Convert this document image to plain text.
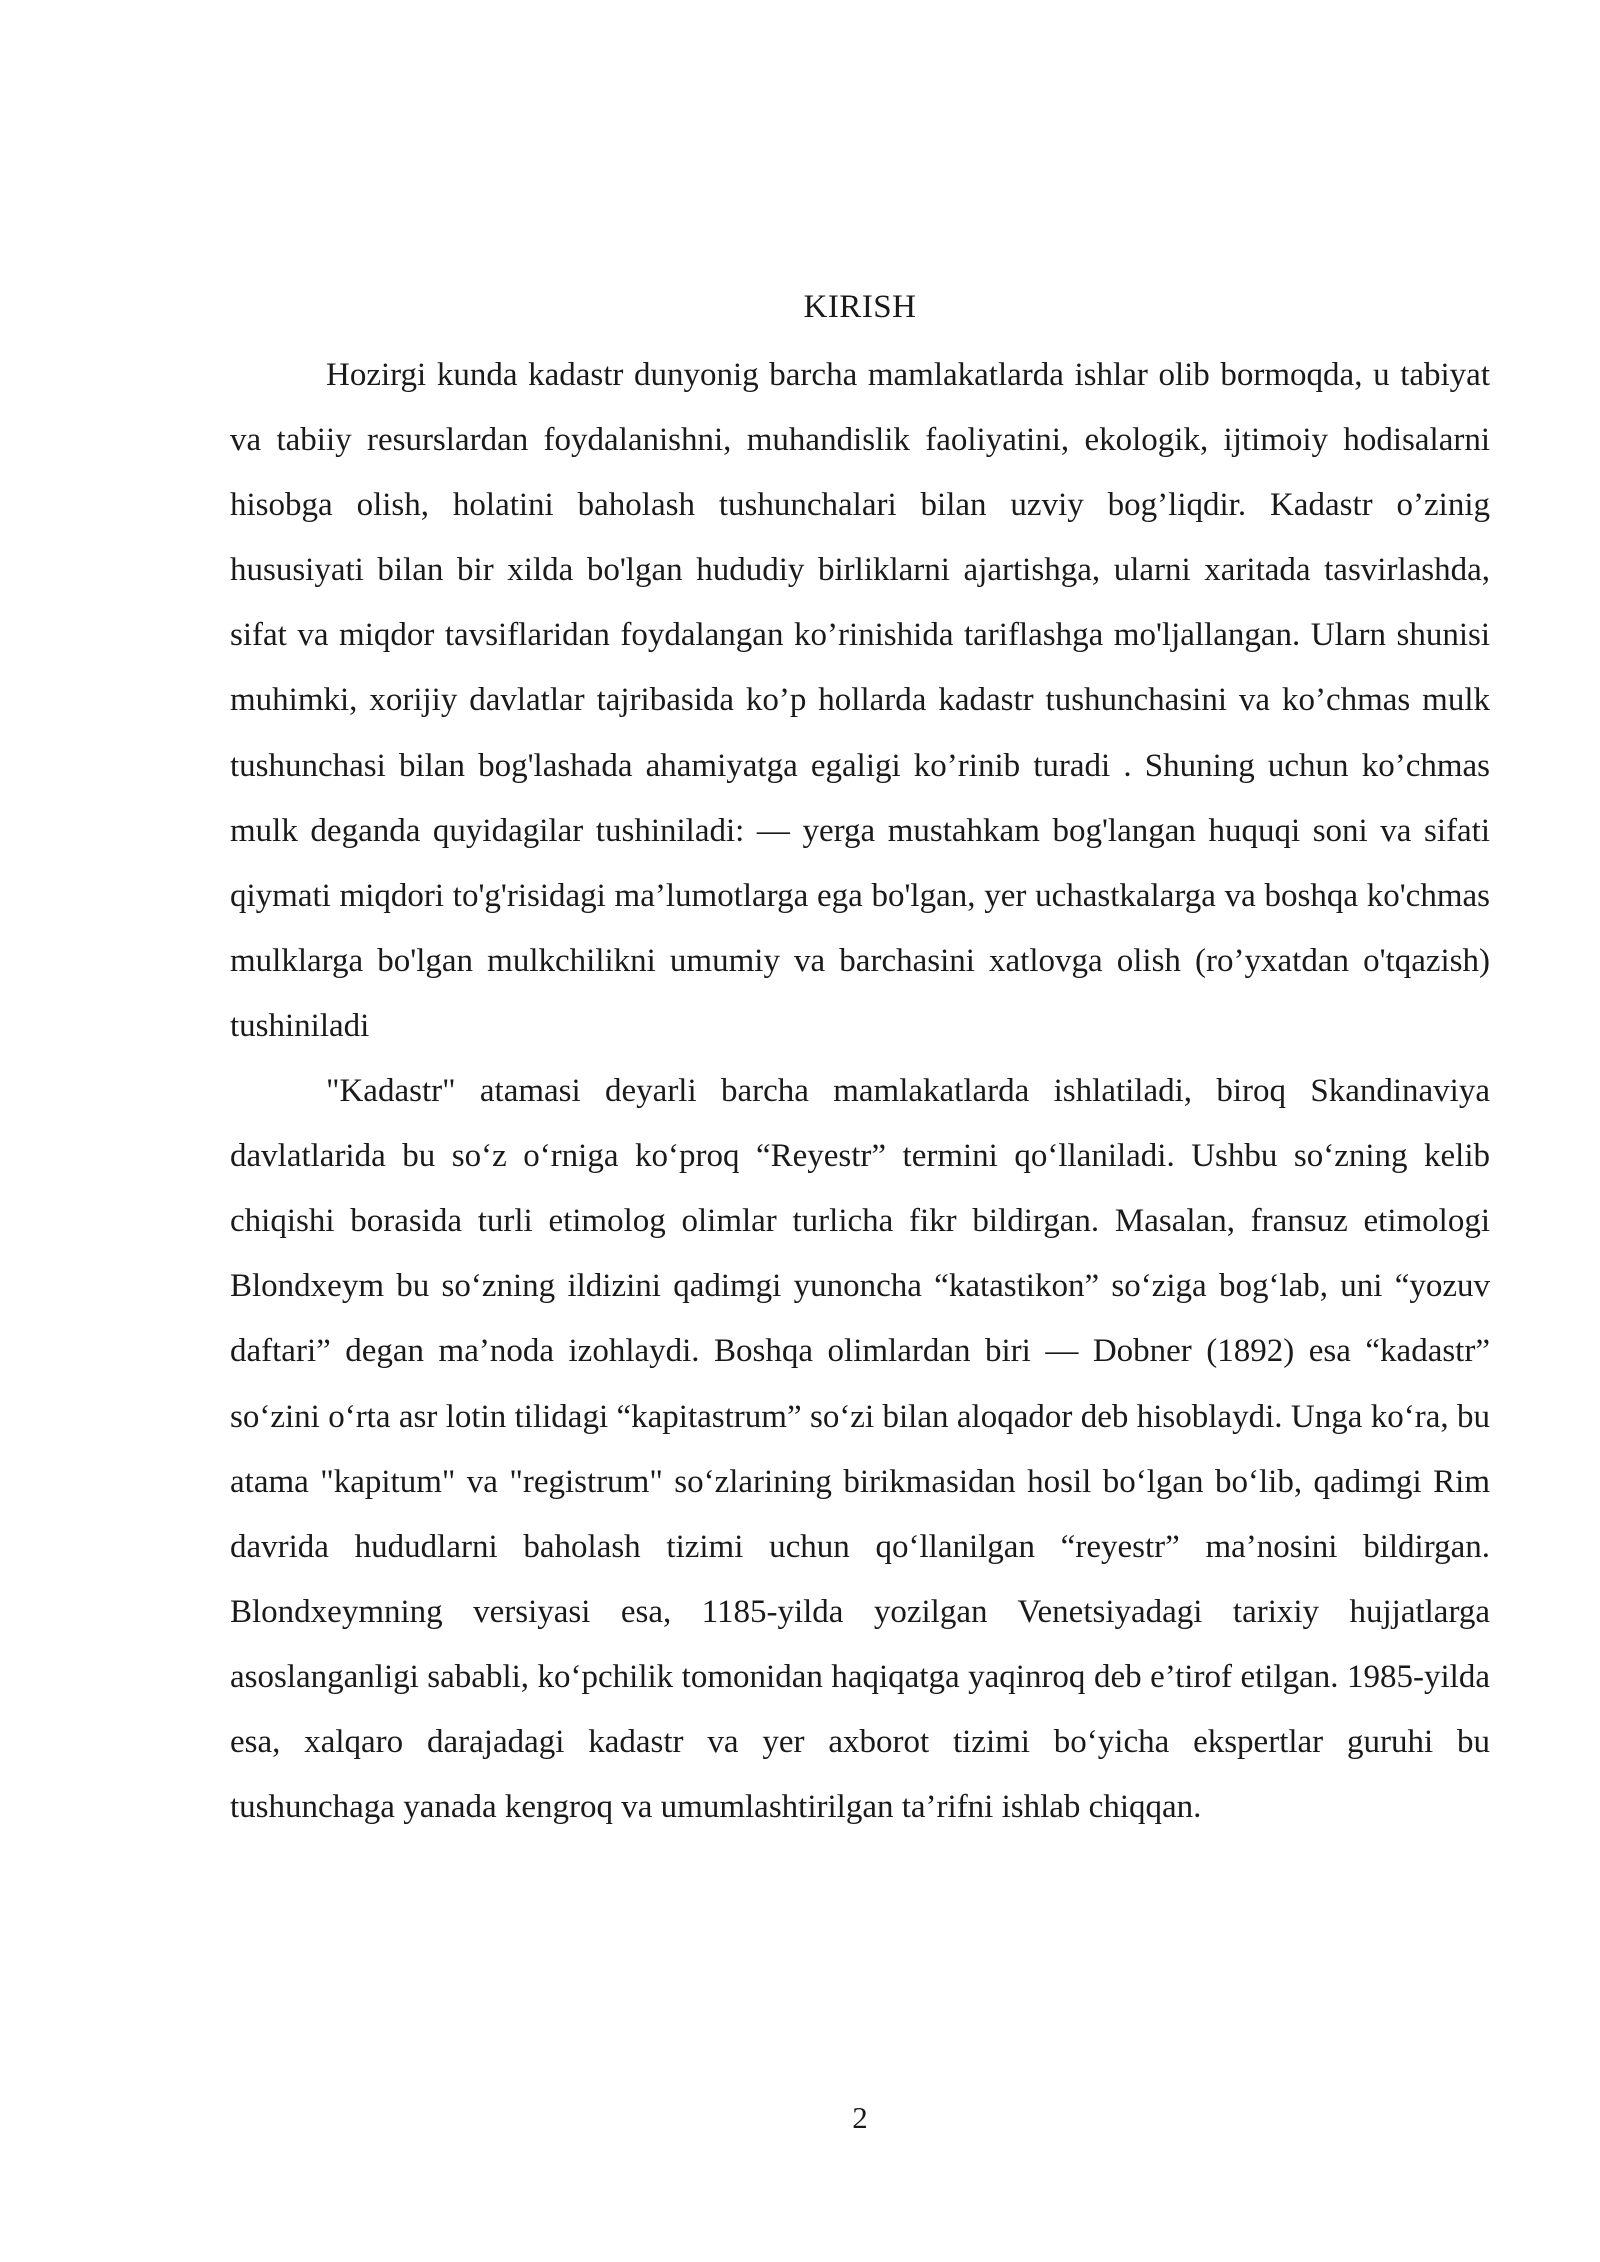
KIRISH

Hozirgi kunda kadastr dunyonig barcha mamlakatlarda ishlar olib bormoqda, u tabiyat va tabiiy resurslardan foydalanishni, muhandislik faoliyatini, ekologik, ijtimoiy hodisalarni hisobga olish, holatini baholash tushunchalari bilan uzviy bog’liqdir. Kadastr o’zinig hususiyati bilan bir xilda bo'lgan hududiy birliklarni ajartishga, ularni xaritada tasvirlashda, sifat va miqdor tavsiflaridan foydalangan ko’rinishida tariflashga mo'ljallangan. Ularn shunisi muhimki, xorijiy davlatlar tajribasida ko’p hollarda kadastr tushunchasini va ko’chmas mulk tushunchasi bilan bog'lashada ahamiyatga egaligi ko’rinib turadi . Shuning uchun ko’chmas mulk deganda quyidagilar tushiniladi: — yerga mustahkam bog'langan huquqi soni va sifati qiymati miqdori to'g'risidagi ma’lumotlarga ega bo'lgan, yer uchastkalarga va boshqa ko'chmas mulklarga bo'lgan mulkchilikni umumiy va barchasini xatlovga olish (ro’yxatdan o'tqazish) tushiniladi

"Kadastr" atamasi deyarli barcha mamlakatlarda ishlatiladi, biroq Skandinaviya davlatlarida bu so‘z o‘rniga ko‘proq “Reyestr” termini qo‘llaniladi. Ushbu so‘zning kelib chiqishi borasida turli etimolog olimlar turlicha fikr bildirgan. Masalan, fransuz etimologi Blondxeym bu so‘zning ildizini qadimgi yunoncha “katastikon” so‘ziga bog‘lab, uni “yozuv daftari” degan ma’noda izohlaydi. Boshqa olimlardan biri — Dobner (1892) esa “kadastr” so‘zini o‘rta asr lotin tilidagi “kapitastrum” so‘zi bilan aloqador deb hisoblaydi. Unga ko‘ra, bu atama "kapitum" va "registrum" so‘zlarining birikmasidan hosil bo‘lgan bo‘lib, qadimgi Rim davrida hududlarni baholash tizimi uchun qo‘llanilgan “reyestr” ma’nosini bildirgan. Blondxeymning versiyasi esa, 1185-yilda yozilgan Venetsiyadagi tarixiy hujjatlarga asoslanganligi sababli, ko‘pchilik tomonidan haqiqatga yaqinroq deb e’tirof etilgan. 1985-yilda esa, xalqaro darajadagi kadastr va yer axborot tizimi bo‘yicha ekspertlar guruhi bu tushunchaga yanada kengroq va umumlashtirilgan ta’rifni ishlab chiqqan.

2
